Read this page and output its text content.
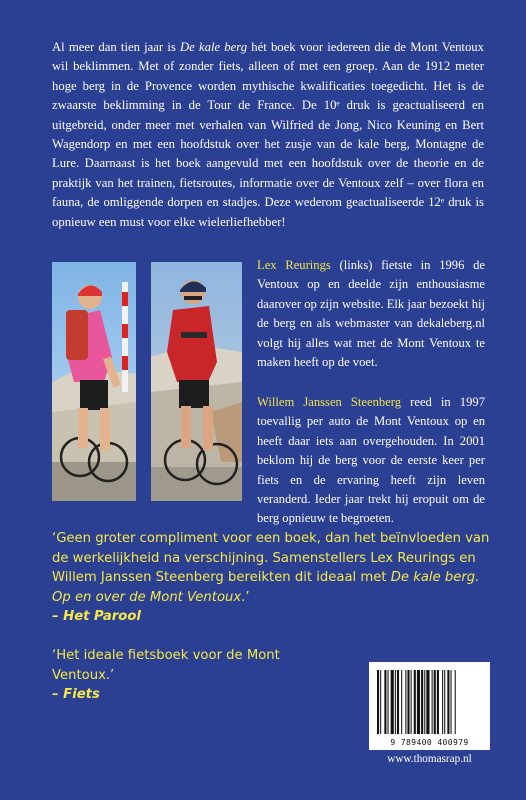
Al meer dan tien jaar is De kale berg hét boek voor iedereen die de Mont Ventoux wil beklimmen. Met of zonder fiets, alleen of met een groep. Aan de 1912 meter hoge berg in de Provence worden mythische kwalificaties toegedicht. Het is de zwaarste beklimming in de Tour de France. De 10ᵉ druk is geactualiseerd en uitgebreid, onder meer met verhalen van Wilfried de Jong, Nico Keuning en Bert Wagendorp en met een hoofdstuk over het zusje van de kale berg, Montagne de Lure. Daarnaast is het boek aangevuld met een hoofdstuk over de theorie en de praktijk van het trainen, fietsroutes, informatie over de Ventoux zelf – over flora en fauna, de omliggende dorpen en stadjes. Deze wederom geactualiseerde 12ᵉ druk is opnieuw een must voor elke wielerliefhebber!

Lex Reurings (links) fietste in 1996 de Ventoux op en deelde zijn enthousiasme daarover op zijn website. Elk jaar bezoekt hij de berg en als webmaster van dekaleberg.nl volgt hij alles wat met de Mont Ventoux te maken heeft op de voet.

Willem Janssen Steenberg reed in 1997 toevallig per auto de Mont Ventoux op en heeft daar iets aan overgehouden. In 2001 beklom hij de berg voor de eerste keer per fiets en de ervaring heeft zijn leven veranderd. Ieder jaar trekt hij eropuit om de berg opnieuw te begroeten.

‘Geen groter compliment voor een boek, dan het beïnvloeden van de werkelijkheid na verschijning. Samenstellers Lex Reurings en Willem Janssen Steenberg bereikten dit ideaal met De kale berg. Op en over de Mont Ventoux.’
– Het Parool

‘Het ideale fietsboek voor de Mont Ventoux.’
– Fiets

9 789400 400979
www.thomasrap.nl
